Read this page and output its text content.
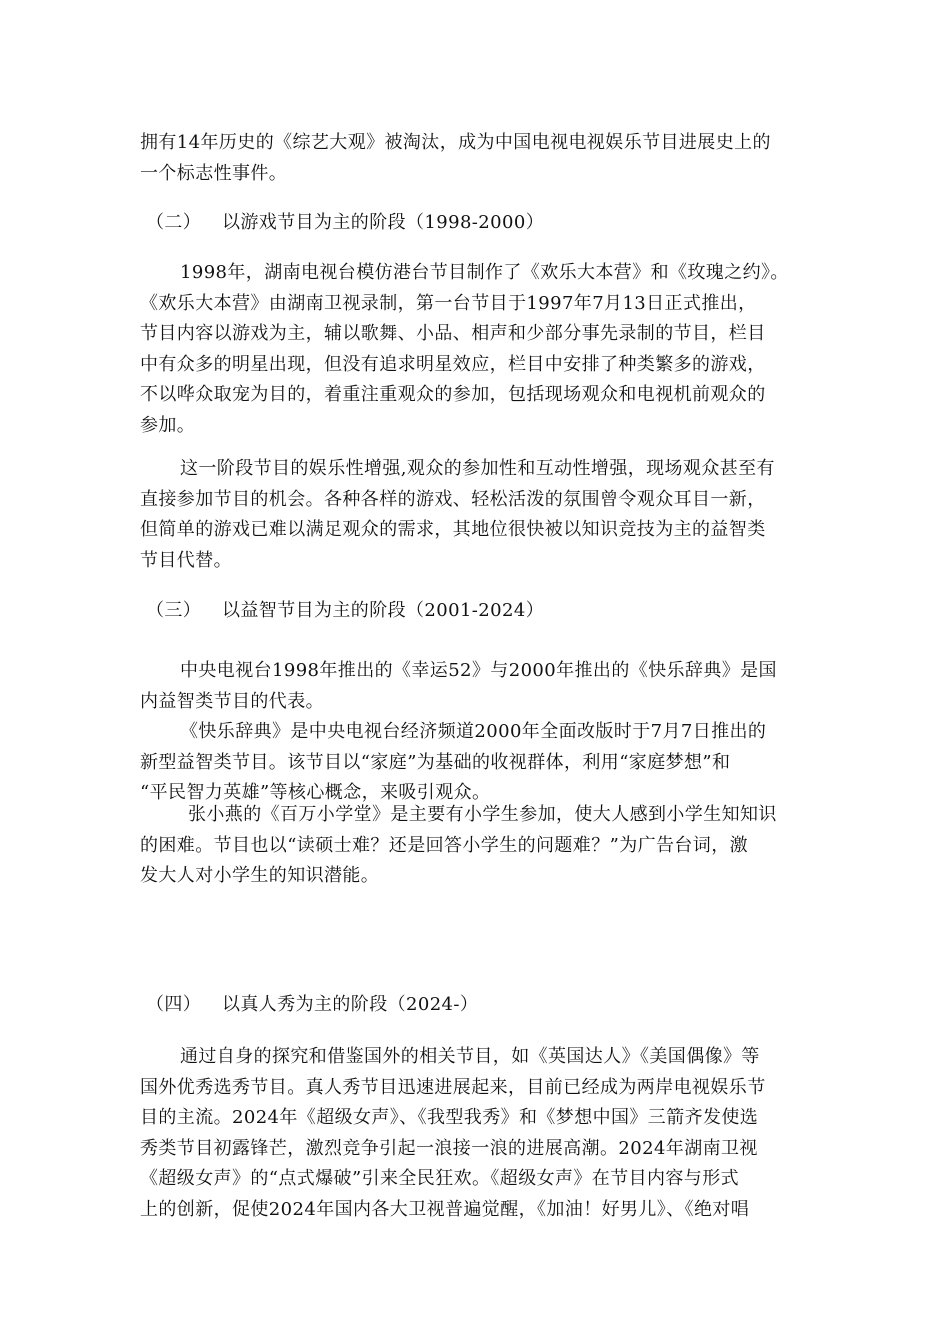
拥有14年历史的《综艺大观》被淘汰，成为中国电视电视娱乐节目进展史上的
一个标志性事件。
（二） 以游戏节目为主的阶段（1998-2000）
1998年，湖南电视台模仿港台节目制作了《欢乐大本营》和《玫瑰之约》。
《欢乐大本营》由湖南卫视录制，第一台节目于1997年7月13日正式推出，
节目内容以游戏为主，辅以歌舞、小品、相声和少部分事先录制的节目，栏目
中有众多的明星出现，但没有追求明星效应，栏目中安排了种类繁多的游戏，
不以哗众取宠为目的，着重注重观众的参加，包括现场观众和电视机前观众的
参加。
这一阶段节目的娱乐性增强,观众的参加性和互动性增强，现场观众甚至有
直接参加节目的机会。各种各样的游戏、轻松活泼的氛围曾令观众耳目一新，
但简单的游戏已难以满足观众的需求，其地位很快被以知识竞技为主的益智类
节目代替。
（三） 以益智节目为主的阶段（2001-2024）
中央电视台1998年推出的《幸运52》与2000年推出的《快乐辞典》是国
内益智类节目的代表。
《快乐辞典》是中央电视台经济频道2000年全面改版时于7月7日推出的
新型益智类节目。该节目以“家庭”为基础的收视群体，利用“家庭梦想”和
“平民智力英雄”等核心概念，来吸引观众。
张小燕的《百万小学堂》是主要有小学生参加，使大人感到小学生知知识
的困难。节目也以“读硕士难？还是回答小学生的问题难？”为广告台词，激
发大人对小学生的知识潜能。
（四） 以真人秀为主的阶段（2024-）
通过自身的探究和借鉴国外的相关节目，如《英国达人》《美国偶像》等
国外优秀选秀节目。真人秀节目迅速进展起来，目前已经成为两岸电视娱乐节
目的主流。2024年《超级女声》、《我型我秀》和《梦想中国》三箭齐发使选
秀类节目初露锋芒，激烈竞争引起一浪接一浪的进展高潮。2024年湖南卫视
《超级女声》的“点式爆破”引来全民狂欢。《超级女声》在节目内容与形式
上的创新，促使2024年国内各大卫视普遍觉醒，《加油！好男儿》、《绝对唱
